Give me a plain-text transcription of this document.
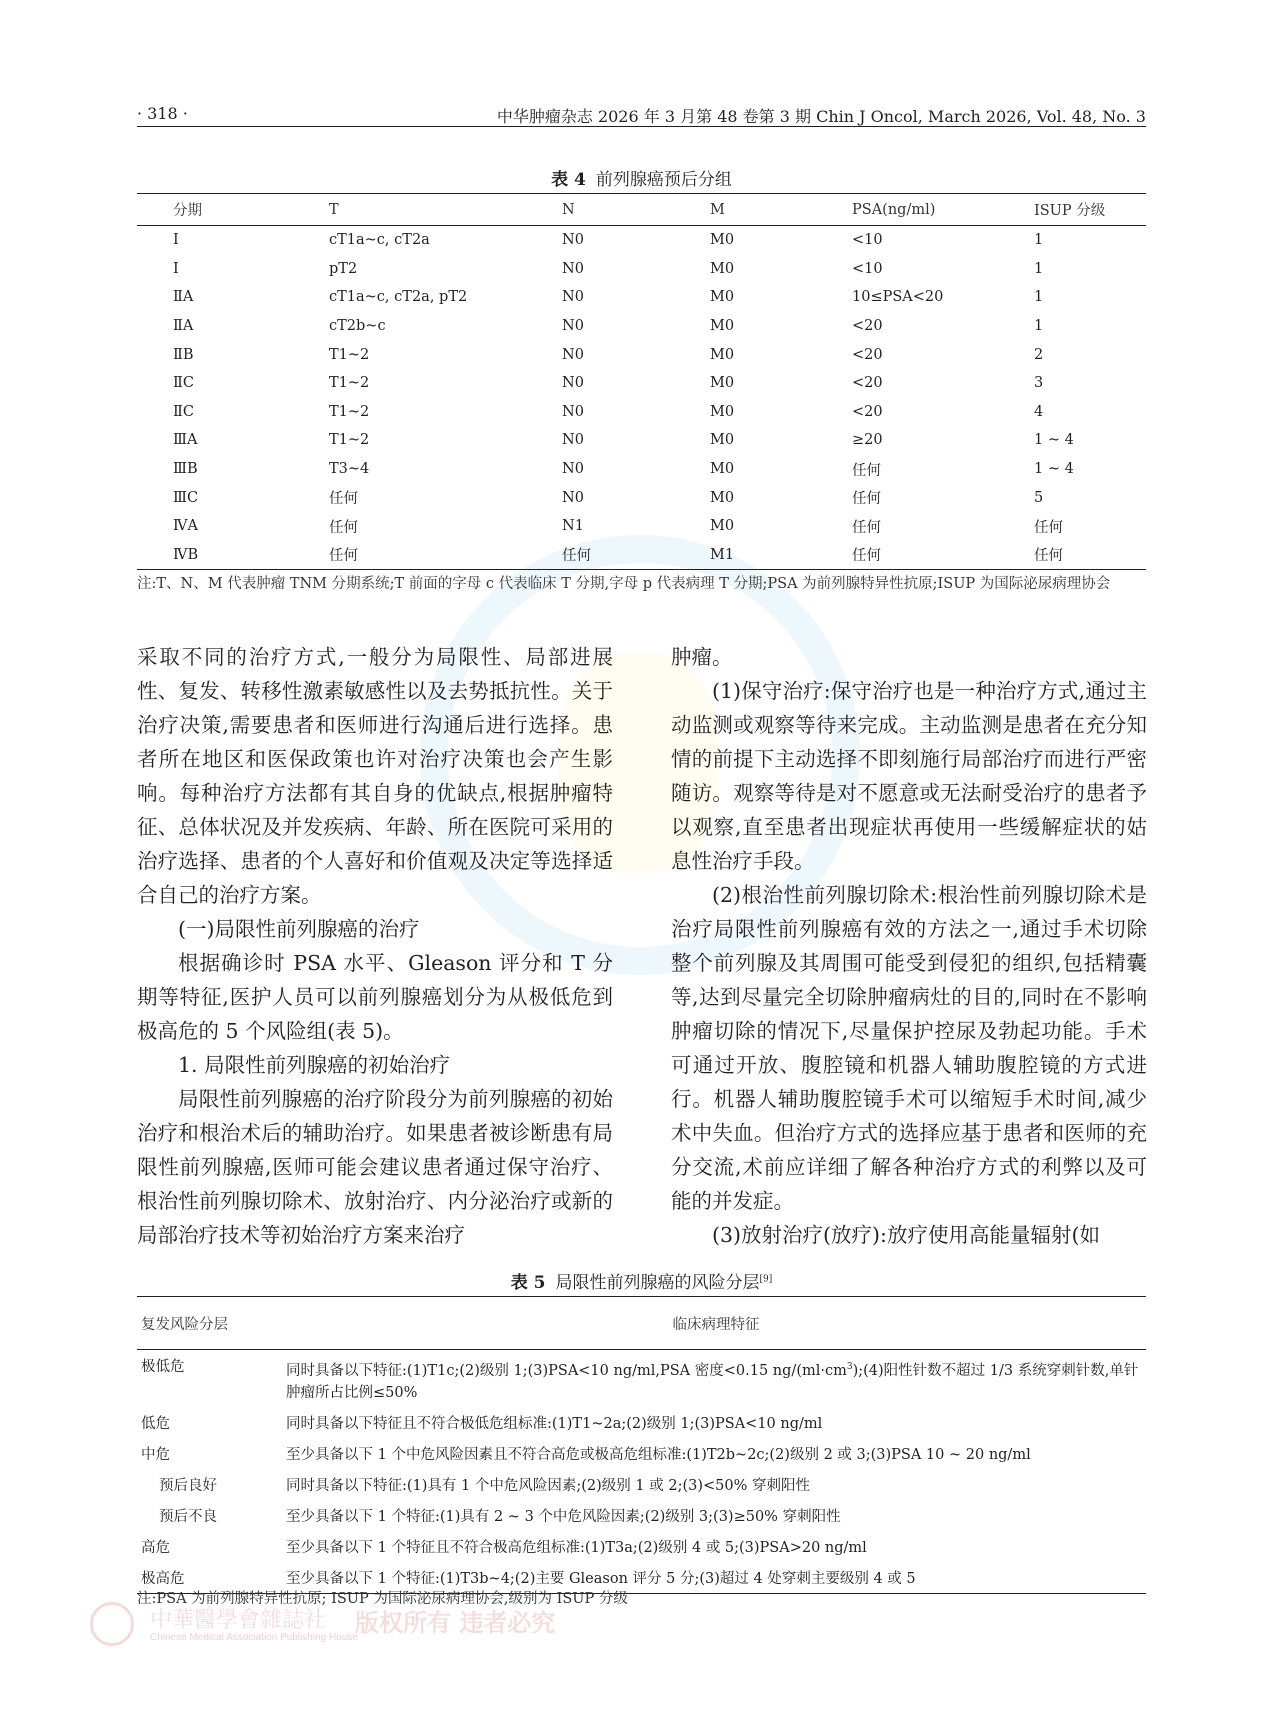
· 318 ·	中华肿瘤杂志 2026 年 3 月第 48 卷第 3 期 Chin J Oncol, March 2026, Vol. 48, No. 3
表 4 前列腺癌预后分组
分期	T	N	M	PSA(ng/ml)	ISUP 分级
Ⅰ	cT1a~c, cT2a	N0	M0	<10	1
Ⅰ	pT2	N0	M0	<10	1
ⅡA	cT1a~c, cT2a, pT2	N0	M0	10≤PSA<20	1
ⅡA	cT2b~c	N0	M0	<20	1
ⅡB	T1~2	N0	M0	<20	2
ⅡC	T1~2	N0	M0	<20	3
ⅡC	T1~2	N0	M0	<20	4
ⅢA	T1~2	N0	M0	≥20	1 ~ 4
ⅢB	T3~4	N0	M0	任何	1 ~ 4
ⅢC	任何	N0	M0	任何	5
ⅣA	任何	N1	M0	任何	任何
ⅣB	任何	任何	M1	任何	任何
注:T、N、M 代表肿瘤 TNM 分期系统;T 前面的字母 c 代表临床 T 分期,字母 p 代表病理 T 分期;PSA 为前列腺特异性抗原;ISUP 为国际泌尿病理协会

采取不同的治疗方式,一般分为局限性、局部进展性、复发、转移性激素敏感性以及去势抵抗性。关于治疗决策,需要患者和医师进行沟通后进行选择。患者所在地区和医保政策也许对治疗决策也会产生影响。每种治疗方法都有其自身的优缺点,根据肿瘤特征、总体状况及并发疾病、年龄、所在医院可采用的治疗选择、患者的个人喜好和价值观及决定等选择适合自己的治疗方案。

(一)局限性前列腺癌的治疗

根据确诊时 PSA 水平、Gleason 评分和 T 分期等特征,医护人员可以前列腺癌划分为从极低危到极高危的 5 个风险组(表 5)。

1. 局限性前列腺癌的初始治疗

局限性前列腺癌的治疗阶段分为前列腺癌的初始治疗和根治术后的辅助治疗。如果患者被诊断患有局限性前列腺癌,医师可能会建议患者通过保守治疗、根治性前列腺切除术、放射治疗、内分泌治疗或新的局部治疗技术等初始治疗方案来治疗

肿瘤。

(1)保守治疗:保守治疗也是一种治疗方式,通过主动监测或观察等待来完成。主动监测是患者在充分知情的前提下主动选择不即刻施行局部治疗而进行严密随访。观察等待是对不愿意或无法耐受治疗的患者予以观察,直至患者出现症状再使用一些缓解症状的姑息性治疗手段。

(2)根治性前列腺切除术:根治性前列腺切除术是治疗局限性前列腺癌有效的方法之一,通过手术切除整个前列腺及其周围可能受到侵犯的组织,包括精囊等,达到尽量完全切除肿瘤病灶的目的,同时在不影响肿瘤切除的情况下,尽量保护控尿及勃起功能。手术可通过开放、腹腔镜和机器人辅助腹腔镜的方式进行。机器人辅助腹腔镜手术可以缩短手术时间,减少术中失血。但治疗方式的选择应基于患者和医师的充分交流,术前应详细了解各种治疗方式的利弊以及可能的并发症。

(3)放射治疗(放疗):放疗使用高能量辐射(如

表 5 局限性前列腺癌的风险分层[9]
复发风险分层	临床病理特征
极低危	同时具备以下特征:(1)T1c;(2)级别 1;(3)PSA<10 ng/ml,PSA 密度<0.15 $ng/(ml\cdot cm^3);(4)$阳性针数不超过 1/3 系统穿刺针数,单针肿瘤所占比例≤50%
低危	同时具备以下特征且不符合极低危组标准:(1)T1~2a;(2)级别 1;(3)PSA<10 ng/ml
中危	至少具备以下 1 个中危风险因素且不符合高危或极高危组标准:(1)T2b~2c;(2)级别 2 或 3;(3)PSA 10 ~ 20 ng/ml
预后良好	同时具备以下特征:(1)具有 1 个中危风险因素;(2)级别 1 或 2;(3)<50% 穿刺阳性
预后不良	至少具备以下 1 个特征:(1)具有 2 ~ 3 个中危风险因素;(2)级别 3;(3)≥50% 穿刺阳性
高危	至少具备以下 1 个特征且不符合极高危组标准:(1)T3a;(2)级别 4 或 5;(3)PSA>20 ng/ml
极高危	至少具备以下 1 个特征:(1)T3b~4;(2)主要 Gleason 评分 5 分;(3)超过 4 处穿刺主要级别 4 或 5
注:PSA 为前列腺特异性抗原; ISUP 为国际泌尿病理协会,级别为 ISUP 分级
中華醫學會雜誌社
Chinese Medical Association Publishing House
版权所有 违者必究
